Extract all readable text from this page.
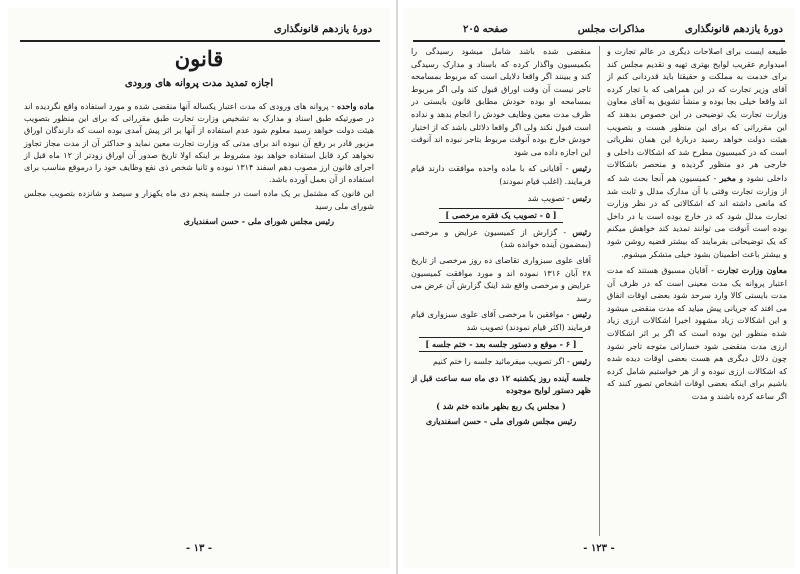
دورهٔ یازدهم قانونگذاری
قانون
اجازه تمدید مدت پروانه های ورودی

ماده واحده - پروانه های ورودی که مدت اعتبار یکساله آنها منقضی شده و مورد استفاده واقع نگردیده اند در صورتیکه طبق اسناد و مدارک به تشخیص وزارت تجارت طبق مقرراتی که برای این منظور بتصویب هیئت دولت خواهد رسید معلوم شود عدم استفاده از آنها بر اثر پیش آمدی بوده است که دارندگان اوراق مزبور قادر بر رفع آن نبوده اند برای مدتی که وزارت تجارت معین نماید و حداکثر آن از مدت مجاز تجاوز نخواهد کرد قابل استفاده خواهد بود مشروط بر اینکه اولا تاریخ صدور آن اوراق زودتر از ۱۲ ماه قبل از اجرای قانون ارز مصوب دهم اسفند ۱۳۱۴ نبوده و ثانیا شخص ذی نفع وظایف خود را درموقع مناسب برای استفاده از آن بعمل آورده باشد.

این قانون که مشتمل بر یک ماده است در جلسه پنجم دی ماه یکهزار و سیصد و شانزده بتصویب مجلس شورای ملی رسید

رئیس مجلس شورای ملی - حسن اسفندیاری

- ۱۳ -
دورهٔ یازدهم قانونگذاری
مذاکرات مجلس
صفحه ۲۰۵

طبیعه ایست برای اصلاحات دیگری در عالم تجارت و امیدوارم عقریب لوایح بهتری تهیه و تقدیم مجلس کند برای خدمت به مملکت و حقیقتا باید قدردانی کنم از آقای وزیر تجارت که در این همراهی که با تجار کرده اند واقعا خیلی بجا بوده و منشأ تشویق به آقای معاون وزارت تجارت یک توضیحی در این خصوص بدهند که این مقرراتی که برای این منظور هست و بتصویب هیئت دولت خواهد رسید دربارهٔ این همان نظریاتی است که در کمیسیون مطرح شد که اشکالات داخلی و خارجی هر دو منظور گردیده و منحصر باشکالات داخلی نشود و مخبر - کمیسیون هم آنجا بحث شد که از وزارت تجارت وقتی با آن مدارک مدلل و ثابت شد که مانعی داشته اند که اشکالاتی که در نظر وزارت تجارت مدلل شود که در خارج بوده است یا در داخل بوده است آنوقت می توانند تمدید کند خواهش میکنم که یک توضیحاتی بفرمایند که بیشتر قضیه روشن شود و بیشتر باعث اطمینان بشود خیلی متشکر میشوم.

معاون وزارت تجارت - آقایان مسبوق هستند که مدت اعتبار پروانه یک مدت معینی است که در ظرف آن مدت بایستی کالا وارد سرحد شود بعضی اوقات اتفاق می افتد که جریانی پیش میاید که مدت منقضی میشود و این اشکالات زیاد مشهود اخیرا اشکالات ارزی زیاد شده منظور این بوده است که اگر بر اثر اشکالات ارزی مدت منقضی شود خساراتی متوجه تاجر نشود چون دلائل دیگری هم هست بعضی اوقات دیده شده که اشکالات ارزی نبوده و از هر خواستیم شامل کرده باشیم برای اینکه بعضی اوقات اشخاص تصور کنند که اگر ساعه کرده باشند و مدت

منقضی شده باشد شامل میشود رسیدگی را بکمیسیون واگذار کرده که باسناد و مدارک رسیدگی کند و ببینند اگر واقعا دلایلی است که مربوط بمسامحه تاجر نیست آن وقت اوراق قبول کند ولی اگر مربوط بمسامحه او بوده خودش مطابق قانون بایستی در ظرف مدت معین وظایف خودش را انجام بدهد و نداده است قبول نکند ولی اگر واقعا دلائلی باشد که از اختیار خودش خارج بوده آنوقت مربوط بتاجر نبوده اند آنوقت این اجازه داده می شود

رئیس - آقایانی که با ماده واحده موافقت دارند قیام فرمایند. (اغلب قیام نمودند)

رئیس - تصویب شد

[ ۵ - تصویب یک فقره مرخصی ]

رئیس - گزارش از کمیسیون عرایض و مرخصی (بمضمون آینده خوانده شد)

آقای علوی سبزواری تقاضای ده روز مرخصی از تاریخ ۲۸ آبان ۱۳۱۶ نموده اند و مورد موافقت کمیسیون عرایض و مرخصی واقع شد اینک گزارش آن عرض می رسد

رئیس - موافقین با مرخصی آقای علوی سبزواری قیام فرمایند (اکثر قیام نمودند) تصویب شد

[ ۶ - موقع و دستور جلسه بعد - ختم جلسه ]

رئیس - اگر تصویب میفرمائید جلسه را ختم کنیم

جلسه آینده روز یکشنبه ۱۲ دی ماه سه ساعت قبل از ظهر دستور لوایح موجوده

( مجلس یک ربع بظهر مانده ختم شد )

رئیس مجلس شورای ملی - حسن اسفندیاری

- ۱۲۳ -
